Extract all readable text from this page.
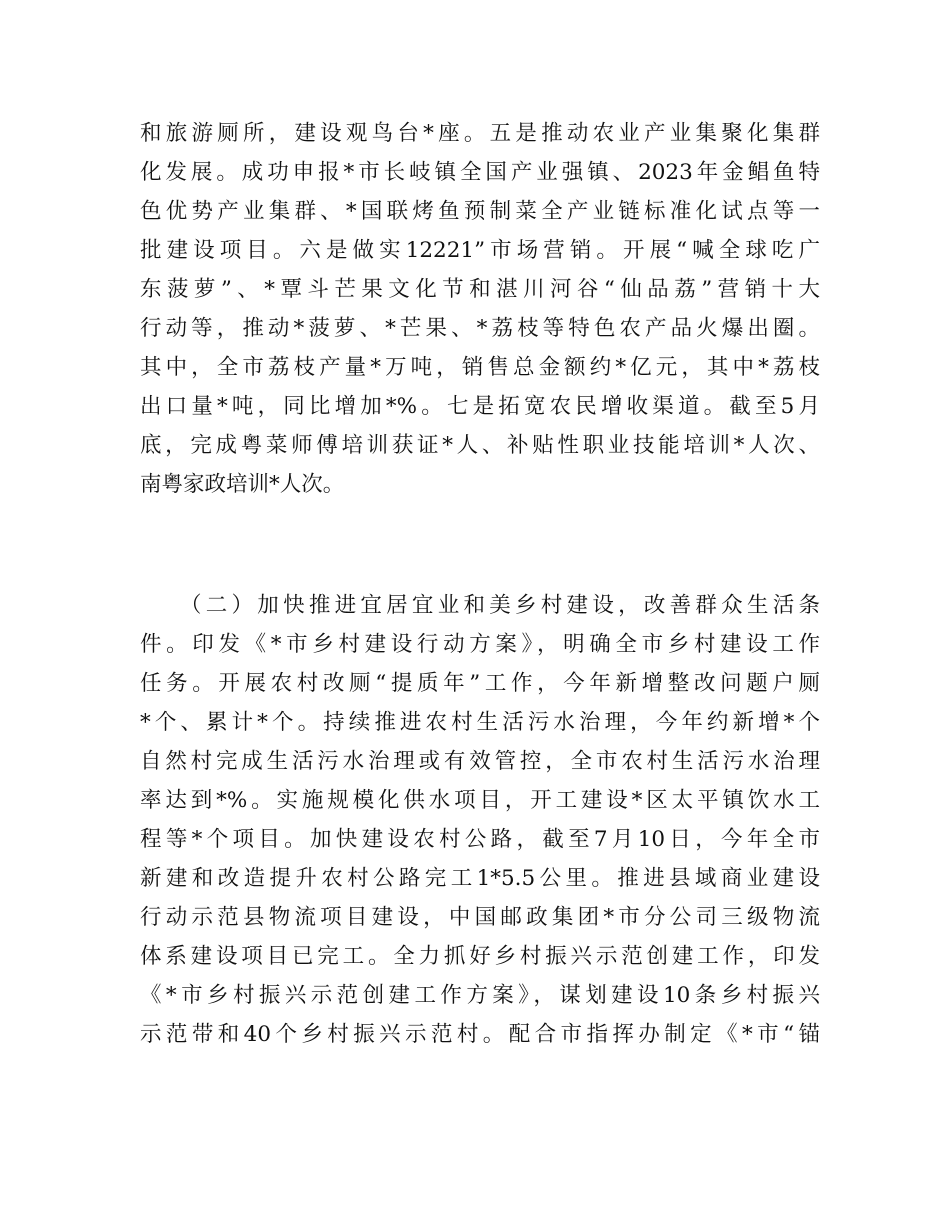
和旅游厕所，建设观鸟台*座。五是推动农业产业集聚化集群
化发展。成功申报*市长岐镇全国产业强镇、2023年金鲳鱼特
色优势产业集群、*国联烤鱼预制菜全产业链标准化试点等一
批建设项目。六是做实12221”市场营销。开展“喊全球吃广
东菠萝”、*覃斗芒果文化节和湛川河谷“仙品荔”营销十大
行动等，推动*菠萝、*芒果、*荔枝等特色农产品火爆出圈。
其中，全市荔枝产量*万吨，销售总金额约*亿元，其中*荔枝
出口量*吨，同比增加*%。七是拓宽农民增收渠道。截至5月
底，完成粤菜师傅培训获证*人、补贴性职业技能培训*人次、
南粤家政培训*人次。
（二）加快推进宜居宜业和美乡村建设，改善群众生活条
件。印发《*市乡村建设行动方案》，明确全市乡村建设工作
任务。开展农村改厕“提质年”工作，今年新增整改问题户厕
*个、累计*个。持续推进农村生活污水治理，今年约新增*个
自然村完成生活污水治理或有效管控，全市农村生活污水治理
率达到*%。实施规模化供水项目，开工建设*区太平镇饮水工
程等*个项目。加快建设农村公路，截至7月10日，今年全市
新建和改造提升农村公路完工1*5.5公里。推进县域商业建设
行动示范县物流项目建设，中国邮政集团*市分公司三级物流
体系建设项目已完工。全力抓好乡村振兴示范创建工作，印发
《*市乡村振兴示范创建工作方案》，谋划建设10条乡村振兴
示范带和40个乡村振兴示范村。配合市指挥办制定《*市“锚
